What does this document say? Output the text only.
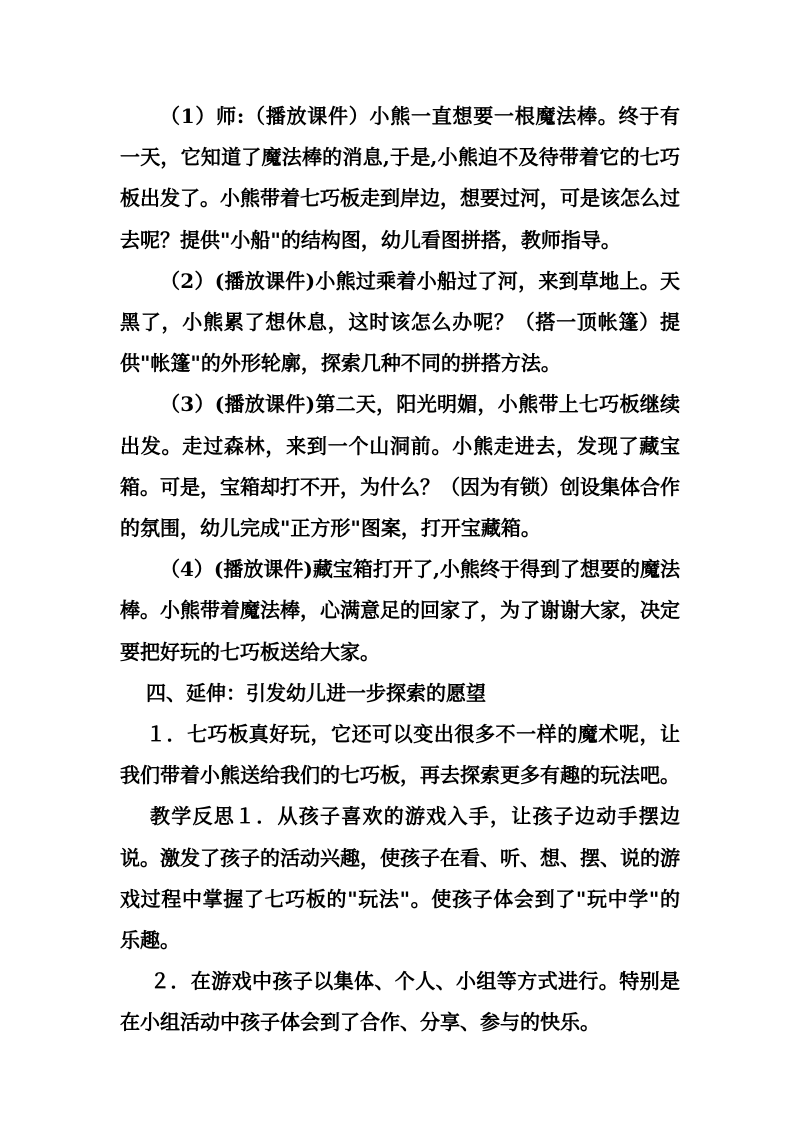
（1）师:（播放课件）小熊一直想要一根魔法棒。终于有一天，它知道了魔法棒的消息,于是,小熊迫不及待带着它的七巧板出发了。小熊带着七巧板走到岸边，想要过河，可是该怎么过去呢？提供"小船"的结构图，幼儿看图拼搭，教师指导。

（2）(播放课件)小熊过乘着小船过了河，来到草地上。天黑了，小熊累了想休息，这时该怎么办呢？（搭一顶帐篷）提供"帐篷"的外形轮廓，探索几种不同的拼搭方法。

（3）(播放课件)第二天，阳光明媚，小熊带上七巧板继续出发。走过森林，来到一个山洞前。小熊走进去，发现了藏宝箱。可是，宝箱却打不开，为什么？（因为有锁）创设集体合作的氛围，幼儿完成"正方形"图案，打开宝藏箱。

（4）(播放课件)藏宝箱打开了,小熊终于得到了想要的魔法棒。小熊带着魔法棒，心满意足的回家了，为了谢谢大家，决定要把好玩的七巧板送给大家。

四、延伸：引发幼儿进一步探索的愿望

１．七巧板真好玩，它还可以变出很多不一样的魔术呢，让我们带着小熊送给我们的七巧板，再去探索更多有趣的玩法吧。

教学反思１．从孩子喜欢的游戏入手，让孩子边动手摆边说。激发了孩子的活动兴趣，使孩子在看、听、想、摆、说的游戏过程中掌握了七巧板的"玩法"。使孩子体会到了"玩中学"的乐趣。

２．在游戏中孩子以集体、个人、小组等方式进行。特别是在小组活动中孩子体会到了合作、分享、参与的快乐。
